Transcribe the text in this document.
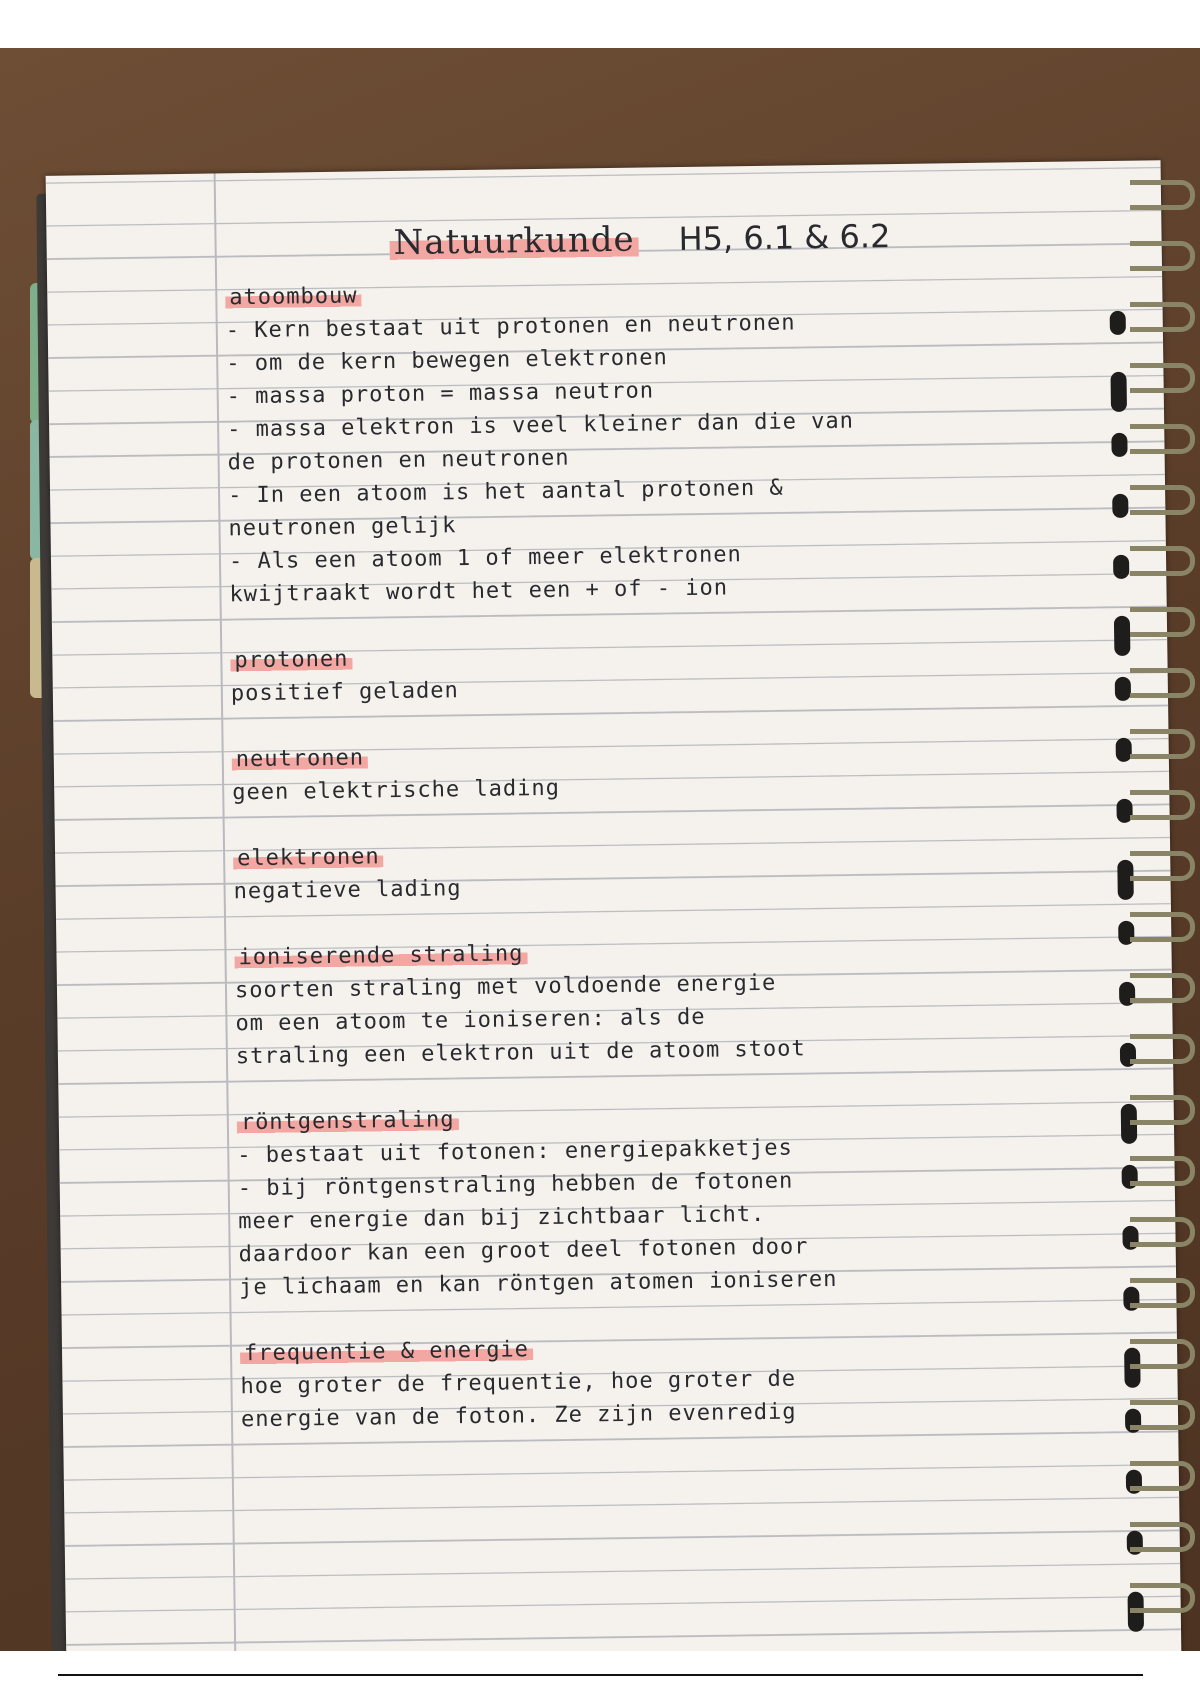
Natuurkunde H5, 6.1 & 6.2
atoombouw
- Kern bestaat uit protonen en neutronen
- om de kern bewegen elektronen
- massa proton = massa neutron
- massa elektron is veel kleiner dan die van
de protonen en neutronen
- In een atoom is het aantal protonen &
neutronen gelijk
- Als een atoom 1 of meer elektronen
kwijtraakt wordt het een + of - ion
protonen
positief geladen
neutronen
geen elektrische lading
elektronen
negatieve lading
ioniserende straling
soorten straling met voldoende energie
om een atoom te ioniseren: als de
straling een elektron uit de atoom stoot
röntgenstraling
- bestaat uit fotonen: energiepakketjes
- bij röntgenstraling hebben de fotonen
meer energie dan bij zichtbaar licht.
daardoor kan een groot deel fotonen door
je lichaam en kan röntgen atomen ioniseren
frequentie & energie
hoe groter de frequentie, hoe groter de
energie van de foton. Ze zijn evenredig
